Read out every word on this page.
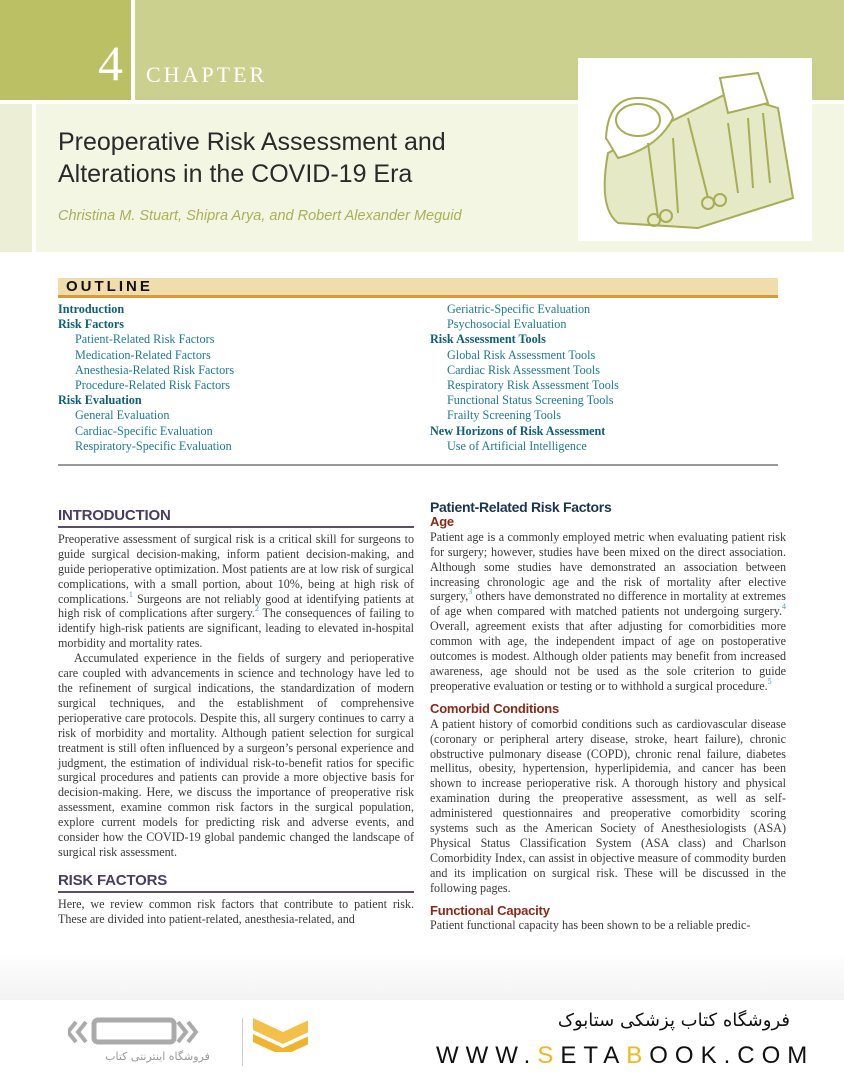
4 CHAPTER
Preoperative Risk Assessment and
Alterations in the COVID-19 Era
Christina M. Stuart, Shipra Arya, and Robert Alexander Meguid
OUTLINE
Introduction
Risk Factors
Patient-Related Risk Factors
Medication-Related Factors
Anesthesia-Related Risk Factors
Procedure-Related Risk Factors
Risk Evaluation
General Evaluation
Cardiac-Specific Evaluation
Respiratory-Specific Evaluation
Geriatric-Specific Evaluation
Psychosocial Evaluation
Risk Assessment Tools
Global Risk Assessment Tools
Cardiac Risk Assessment Tools
Respiratory Risk Assessment Tools
Functional Status Screening Tools
Frailty Screening Tools
New Horizons of Risk Assessment
Use of Artificial Intelligence
INTRODUCTION

Preoperative assessment of surgical risk is a critical skill for surgeons to guide surgical decision-making, inform patient decision-making, and guide perioperative optimization. Most patients are at low risk of surgical complications, with a small portion, about 10%, being at high risk of complications.$^1$ Surgeons are not reliably good at identifying patients at high risk of complications after surgery.$^2$ The consequences of failing to identify high-risk patients are significant, leading to elevated in-hospital morbidity and mortality rates.

Accumulated experience in the fields of surgery and perioperative care coupled with advancements in science and technology have led to the refinement of surgical indications, the standardization of modern surgical techniques, and the establishment of comprehensive perioperative care protocols. Despite this, all surgery continues to carry a risk of morbidity and mortality. Although patient selection for surgical treatment is still often influenced by a surgeon’s personal experience and judgment, the estimation of individual risk-to-benefit ratios for specific surgical procedures and patients can provide a more objective basis for decision-making. Here, we discuss the importance of preoperative risk assessment, examine common risk factors in the surgical population, explore current models for predicting risk and adverse events, and consider how the COVID-19 global pandemic changed the landscape of surgical risk assessment.

RISK FACTORS

Here, we review common risk factors that contribute to patient risk. These are divided into patient-related, anesthesia-related, and

Patient-Related Risk Factors
Age

Patient age is a commonly employed metric when evaluating patient risk for surgery; however, studies have been mixed on the direct association. Although some studies have demonstrated an association between increasing chronologic age and the risk of mortality after elective surgery,$^3$ others have demonstrated no difference in mortality at extremes of age when compared with matched patients not undergoing surgery.$^4$ Overall, agreement exists that after adjusting for comorbidities more common with age, the independent impact of age on postoperative outcomes is modest. Although older patients may benefit from increased awareness, age should not be used as the sole criterion to guide preoperative evaluation or testing or to withhold a surgical procedure.$^5$

Comorbid Conditions

A patient history of comorbid conditions such as cardiovascular disease (coronary or peripheral artery disease, stroke, heart failure), chronic obstructive pulmonary disease (COPD), chronic renal failure, diabetes mellitus, obesity, hypertension, hyperlipidemia, and cancer has been shown to increase perioperative risk. A thorough history and physical examination during the preoperative assessment, as well as self-administered questionnaires and preoperative comorbidity scoring systems such as the American Society of Anesthesiologists (ASA) Physical Status Classification System (ASA class) and Charlson Comorbidity Index, can assist in objective measure of commodity burden and its implication on surgical risk. These will be discussed in the following pages.

Functional Capacity

Patient functional capacity has been shown to be a reliable predic-

فروشگاه اینترنتی کتاب
فروشگاه کتاب پزشکی ستابوک
WWW.SETABOOK.COM
